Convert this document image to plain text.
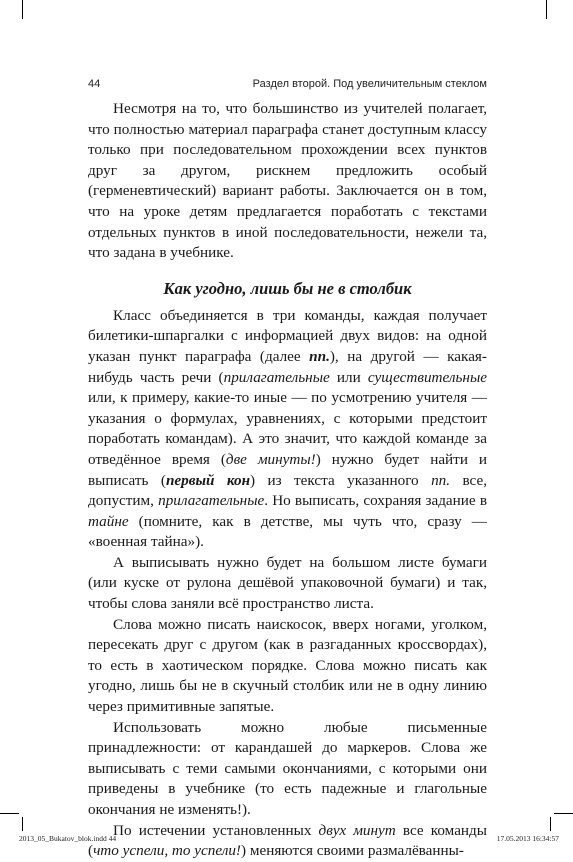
44	Раздел второй. Под увеличительным стеклом

Несмотря на то, что большинство из учителей полагает, что полностью материал параграфа станет доступным классу только при последовательном прохождении всех пунктов друг за другом, рискнем предложить особый (герменевтический) вариант работы. Заключается он в том, что на уроке детям предлагается поработать с текстами отдельных пунктов в иной последовательности, нежели та, что задана в учебнике.

Как угодно, лишь бы не в столбик

Класс объединяется в три команды, каждая получает билетики-шпаргалки с информацией двух видов: на одной указан пункт параграфа (далее пп.), на другой — какая-нибудь часть речи (прилагательные или существительные или, к примеру, какие-то иные — по усмотрению учителя — указания о формулах, уравнениях, с которыми предстоит поработать командам). А это значит, что каждой команде за отведённое время (две минуты!) нужно будет найти и выписать (первый кон) из текста указанного пп. все, допустим, прилагательные. Но выписать, сохраняя задание в тайне (помните, как в детстве, мы чуть что, сразу — «военная тайна»).

А выписывать нужно будет на большом листе бумаги (или куске от рулона дешёвой упаковочной бумаги) и так, чтобы слова заняли всё пространство листа.

Слова можно писать наискосок, вверх ногами, уголком, пересекать друг с другом (как в разгаданных кроссвордах), то есть в хаотическом порядке. Слова можно писать как угодно, лишь бы не в скучный столбик или не в одну линию через примитивные запятые.

Использовать можно любые письменные принадлежности: от карандашей до маркеров. Слова же выписывать с теми самыми окончаниями, с которыми они приведены в учебнике (то есть падежные и глагольные окончания не изменять!).

По истечении установленных двух минут все команды (что успели, то успели!) меняются своими размалёванны-

2013_05_Bukatov_blok.indd 44	17.05.2013 16:34:57
